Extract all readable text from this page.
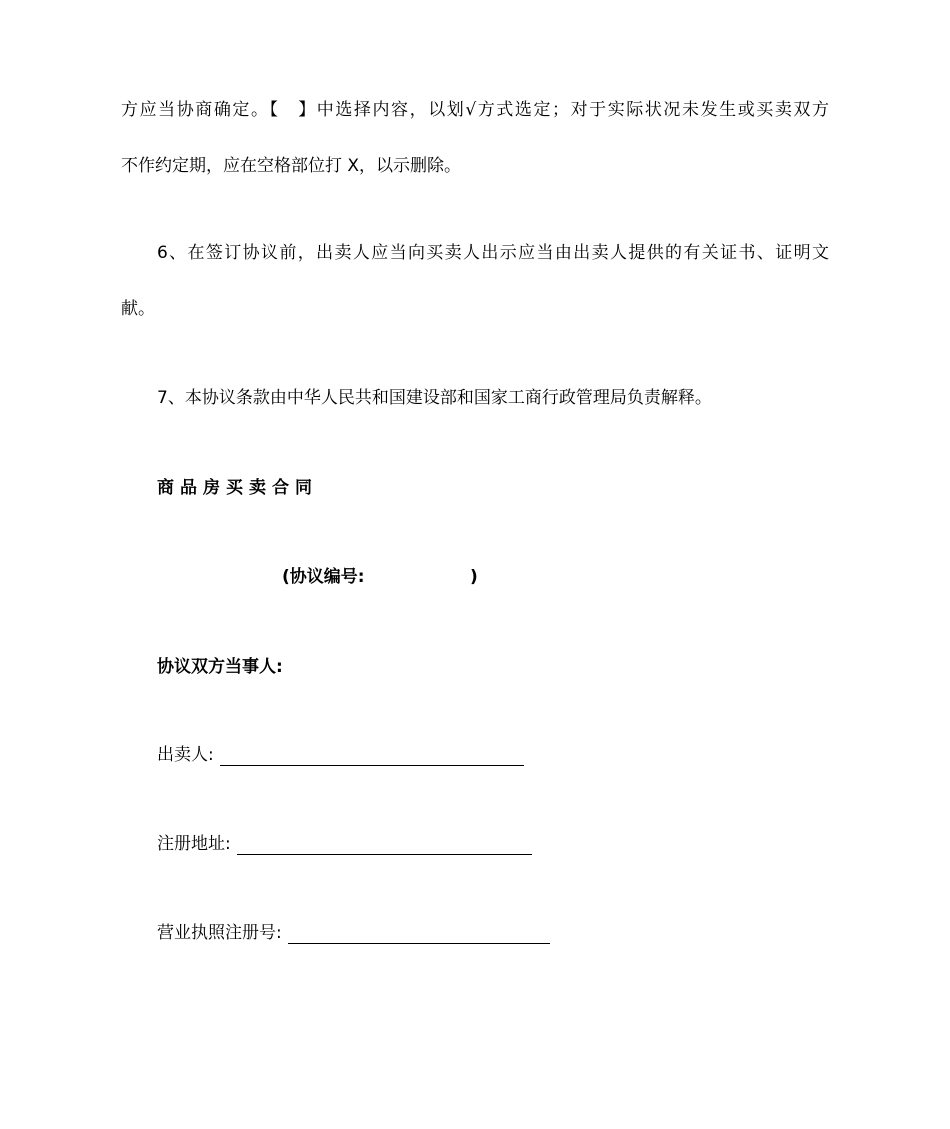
方应当协商确定。【　】中选择内容，以划√方式选定；对于实际状况未发生或买卖双方
不作约定期，应在空格部位打 X，以示删除。
6、在签订协议前，出卖人应当向买卖人出示应当由出卖人提供的有关证书、证明文
献。
7、本协议条款由中华人民共和国建设部和国家工商行政管理局负责解释。
商品房买卖合同
(协议编号:	)
协议双方当事人:
出卖人:
注册地址:
营业执照注册号:
